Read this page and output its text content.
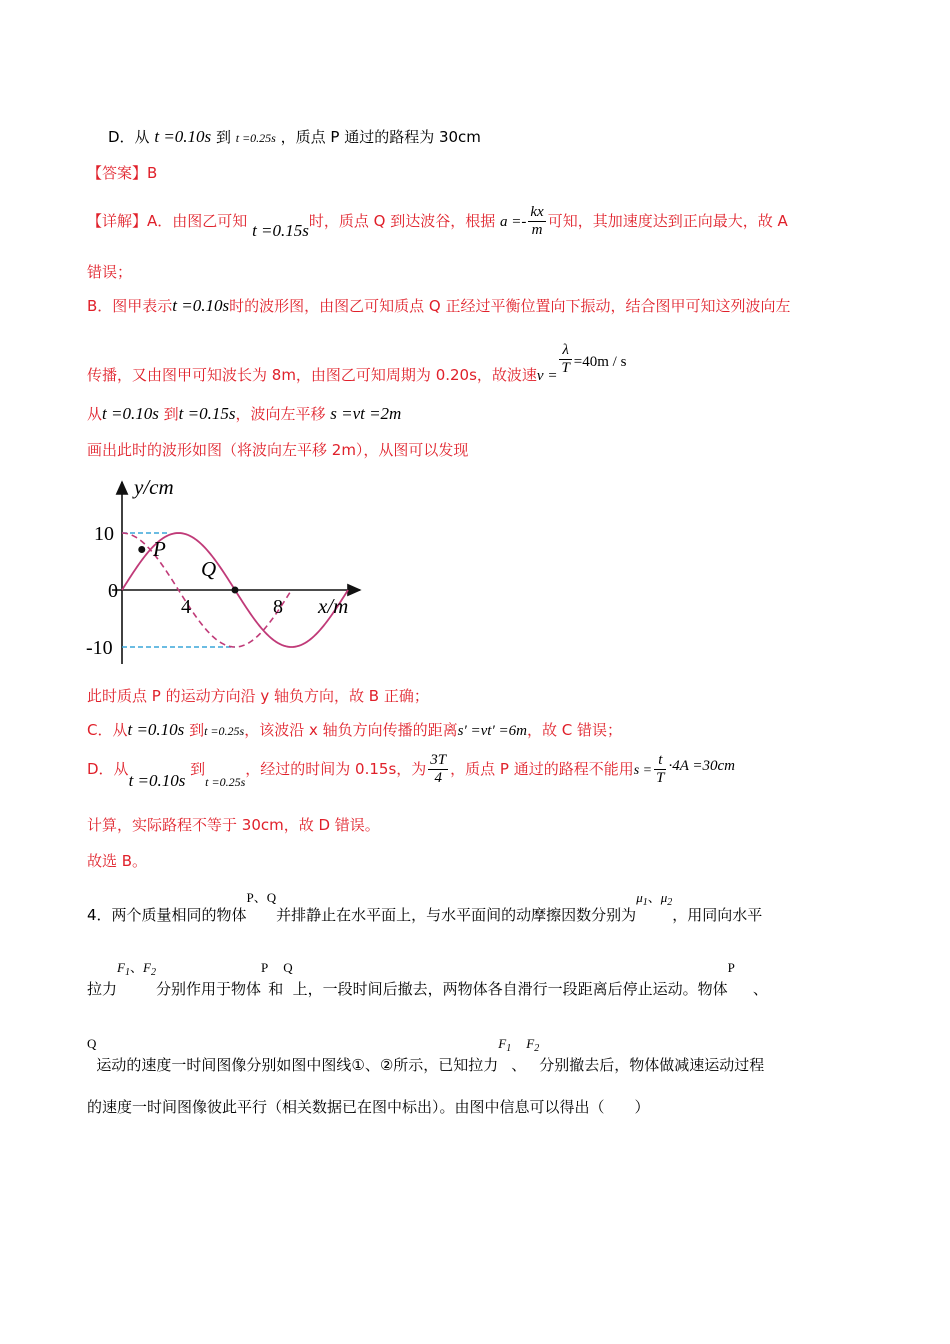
D．从 t =0.10s 到 t =0.25s ，质点 P 通过的路程为 30cm
【答案】B
【详解】A．由图乙可知 t =0.15s时，质点 Q 到达波谷，根据 $a =- \frac{kx}{m}$ 可知，其加速度达到正向最大，故 A
错误；
B．图甲表示t =0.10s时的波形图，由图乙可知质点 Q 正经过平衡位置向下振动，结合图甲可知这列波向左
传播，又由图甲可知波长为 8m，由图乙可知周期为 0.20s，故波速$v = \frac{\lambda}{T} =40m / s$
从t =0.10s 到t =0.15s，波向左平移 s =vt =2m
画出此时的波形如图（将波向左平移 2m），从图可以发现
P
Q
y/cm
x/m
10
0
-10
4	8
此时质点 P 的运动方向沿 y 轴负方向，故 B 正确；
C．从t =0.10s 到t =0.25s，该波沿 x 轴负方向传播的距离s′ =vt′ =6m，故 C 错误；
D．从t =0.10s 到$_{t =0.25s}$，经过的时间为 0.15s，为 $\frac{3T}{4}$ ，质点 P 通过的路程不能用$s = \frac{t}{T} \cdot 4A =30cm$
计算，实际路程不等于 30cm，故 D 错误。
故选 B。
4．两个质量相同的物体P、Q并排静止在水平面上，与水平面间的动摩擦因数分别为$\mu_1$、$\mu_2$，用同向水平
拉力$F_1$、$F_2$分别作用于物体P和Q上，一段时间后撤去，两物体各自滑行一段距离后停止运动。物体P、
Q运动的速度一时间图像分别如图中图线①、②所示，已知拉力$F_1$、$F_2$分别撤去后，物体做减速运动过程
的速度一时间图像彼此平行（相关数据已在图中标出）。由图中信息可以得出（　　）
